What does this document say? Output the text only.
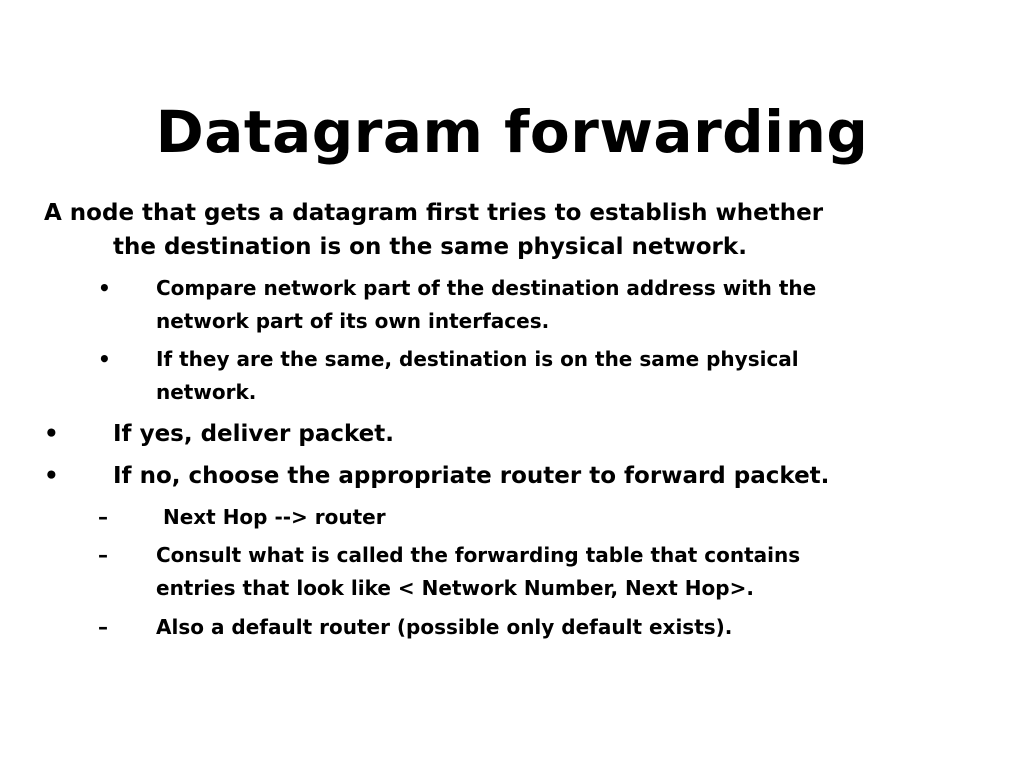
Datagram forwarding
A node that gets a datagram first tries to establish whether
the destination is on the same physical network.
• Compare network part of the destination address with the
network part of its own interfaces.
• If they are the same, destination is on the same physical
network.
• If yes, deliver packet.
• If no, choose the appropriate router to forward packet.
– Next Hop --> router
– Consult what is called the forwarding table that contains
entries that look like < Network Number, Next Hop>.
– Also a default router (possible only default exists).
